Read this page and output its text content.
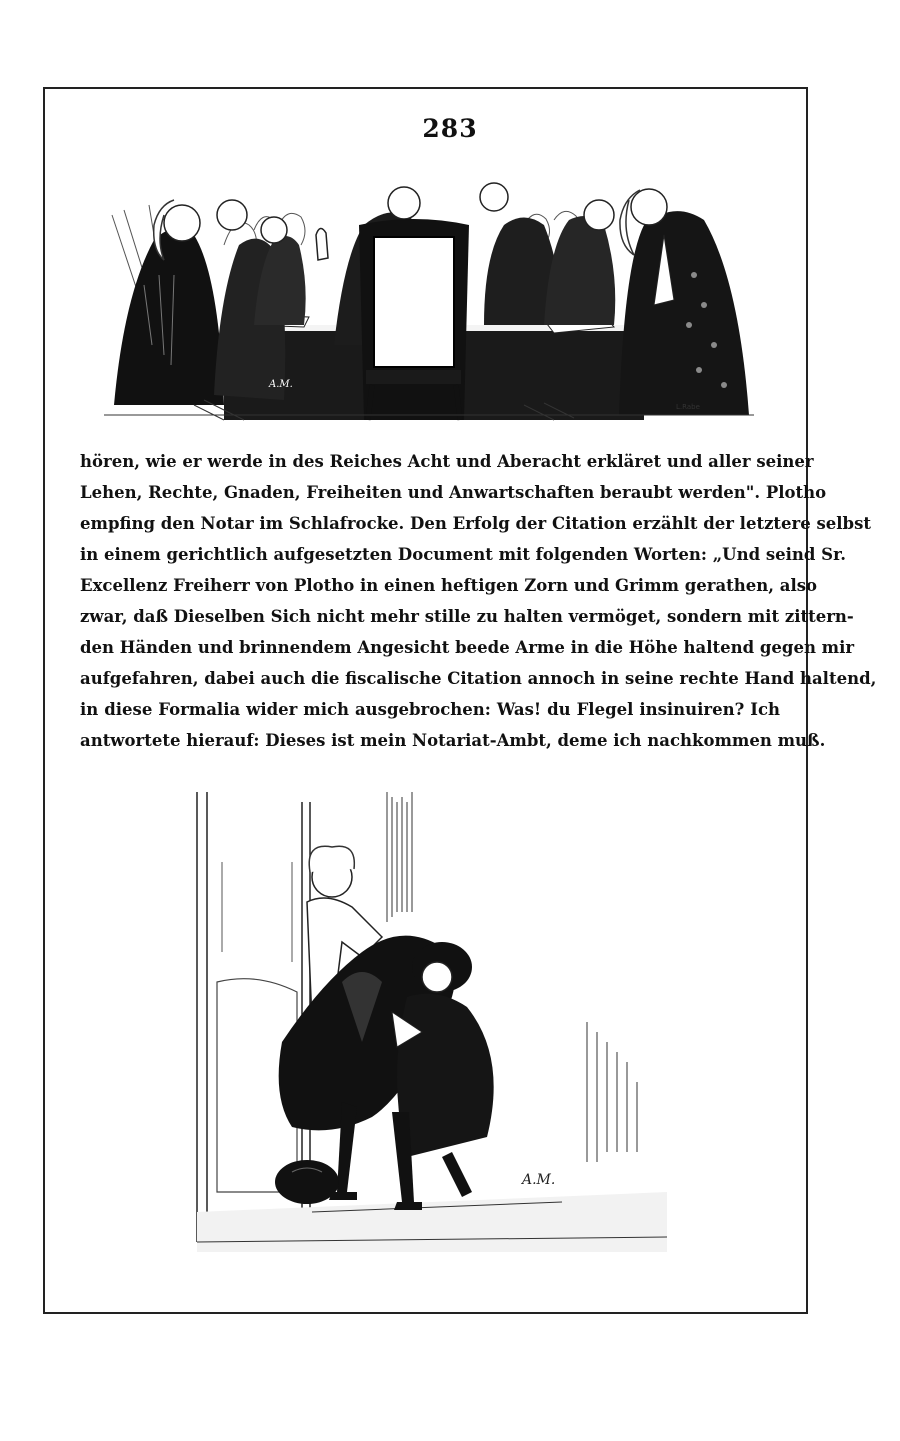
283
A.M.
L.Rabe
hören, wie er werde in des Reiches Acht und Aberacht erkläret und aller seiner
Lehen, Rechte, Gnaden, Freiheiten und Anwartschaften beraubt werden". Plotho
empfing den Notar im Schlafrocke. Den Erfolg der Citation erzählt der letztere selbst
in einem gerichtlich aufgesetzten Document mit folgenden Worten: „Und seind Sr.
Excellenz Freiherr von Plotho in einen heftigen Zorn und Grimm gerathen, also
zwar, daß Dieselben Sich nicht mehr stille zu halten vermöget, sondern mit zittern-
den Händen und brinnendem Angesicht beede Arme in die Höhe haltend gegen mir
aufgefahren, dabei auch die fiscalische Citation annoch in seine rechte Hand haltend,
in diese Formalia wider mich ausgebrochen: Was! du Flegel insinuiren? Ich
antwortete hierauf: Dieses ist mein Notariat-Ambt, deme ich nachkommen muß.
A.M.
